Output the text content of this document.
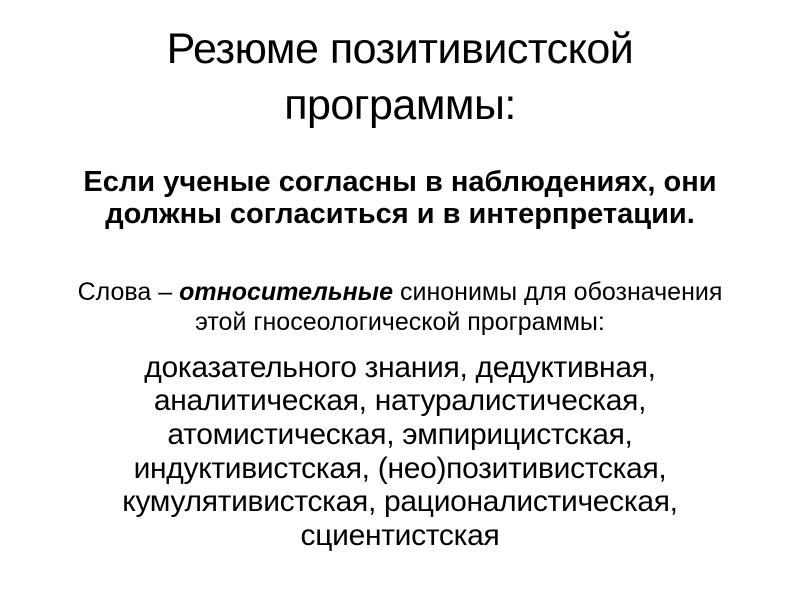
Резюме позитивистской программы:

Если ученые согласны в наблюдениях, они должны согласиться и в интерпретации.

Слова – относительные синонимы для обозначения этой гносеологической программы:

доказательного знания, дедуктивная, аналитическая, натуралистическая, атомистическая, эмпирицистская, индуктивистская, (нео)позитивистская, кумулятивистская, рационалистическая, сциентистская
